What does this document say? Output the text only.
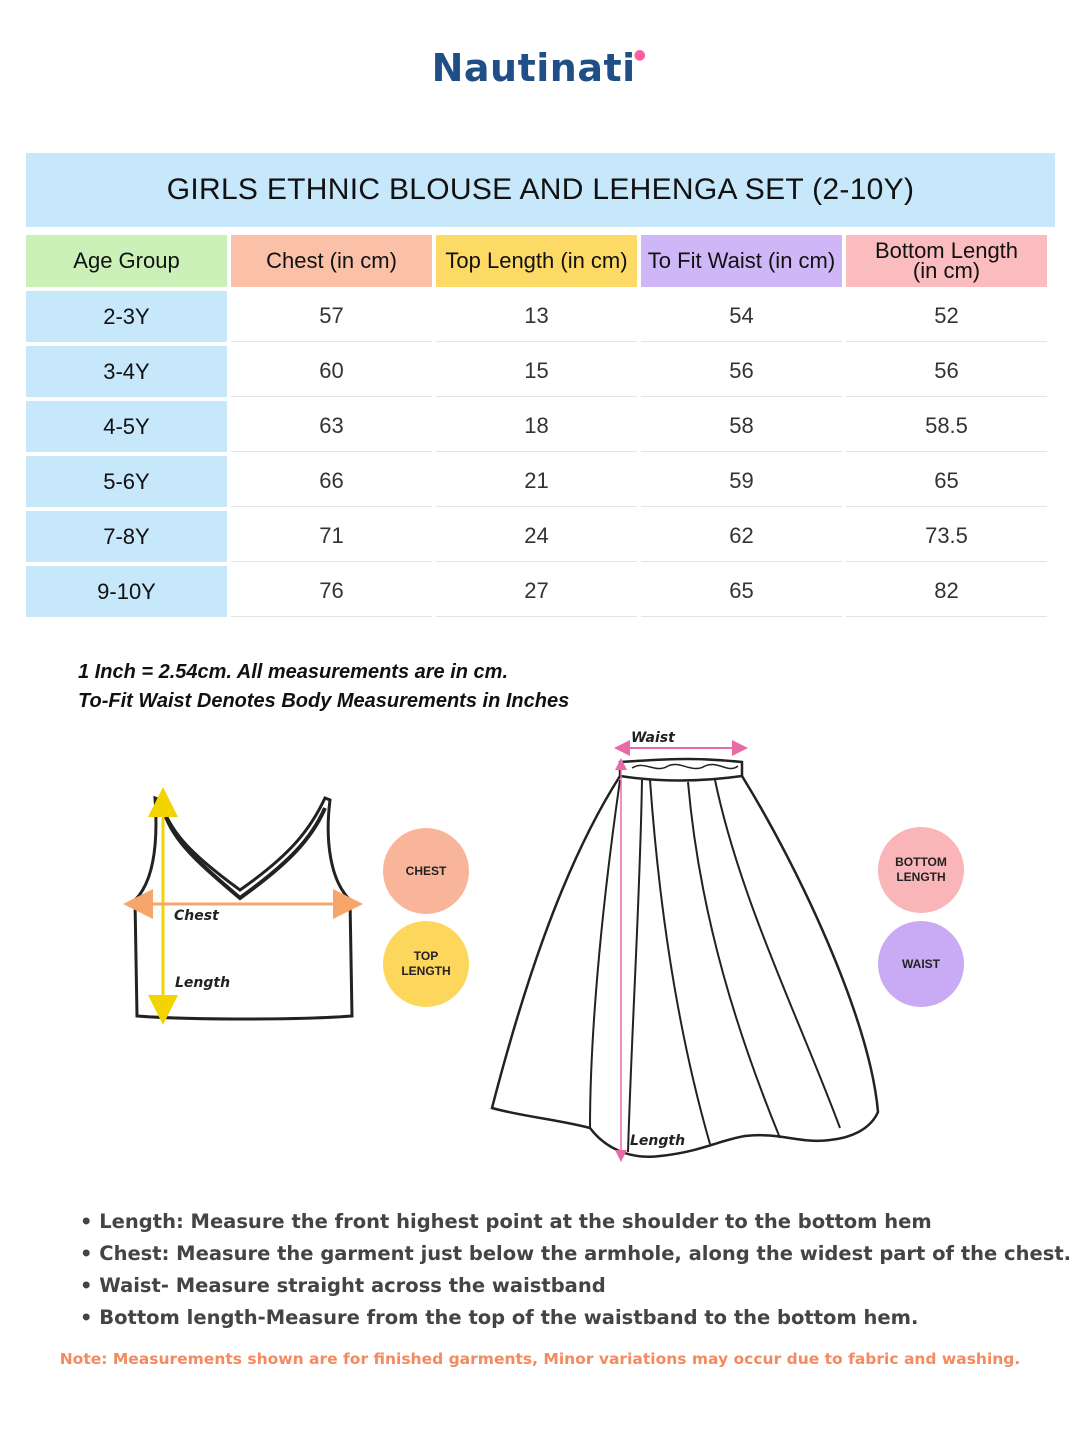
Nautinati●
GIRLS ETHNIC BLOUSE AND LEHENGA SET (2-10Y)
Age Group	Chest (in cm)	Top Length (in cm)	To Fit Waist (in cm)	Bottom Length
(in cm)
2-3Y	57	13	54	52
3-4Y	60	15	56	56
4-5Y	63	18	58	58.5
5-6Y	66	21	59	65
7-8Y	71	24	62	73.5
9-10Y	76	27	65	82
1 Inch = 2.54cm. All measurements are in cm.
To-Fit Waist Denotes Body Measurements in Inches
Chest
Length
Waist
Length
CHEST
TOP
LENGTH
BOTTOM
LENGTH
WAIST
• Length: Measure the front highest point at the shoulder to the bottom hem
• Chest: Measure the garment just below the armhole, along the widest part of the chest.
• Waist- Measure straight across the waistband
• Bottom length-Measure from the top of the waistband to the bottom hem.
Note: Measurements shown are for finished garments, Minor variations may occur due to fabric and washing.
